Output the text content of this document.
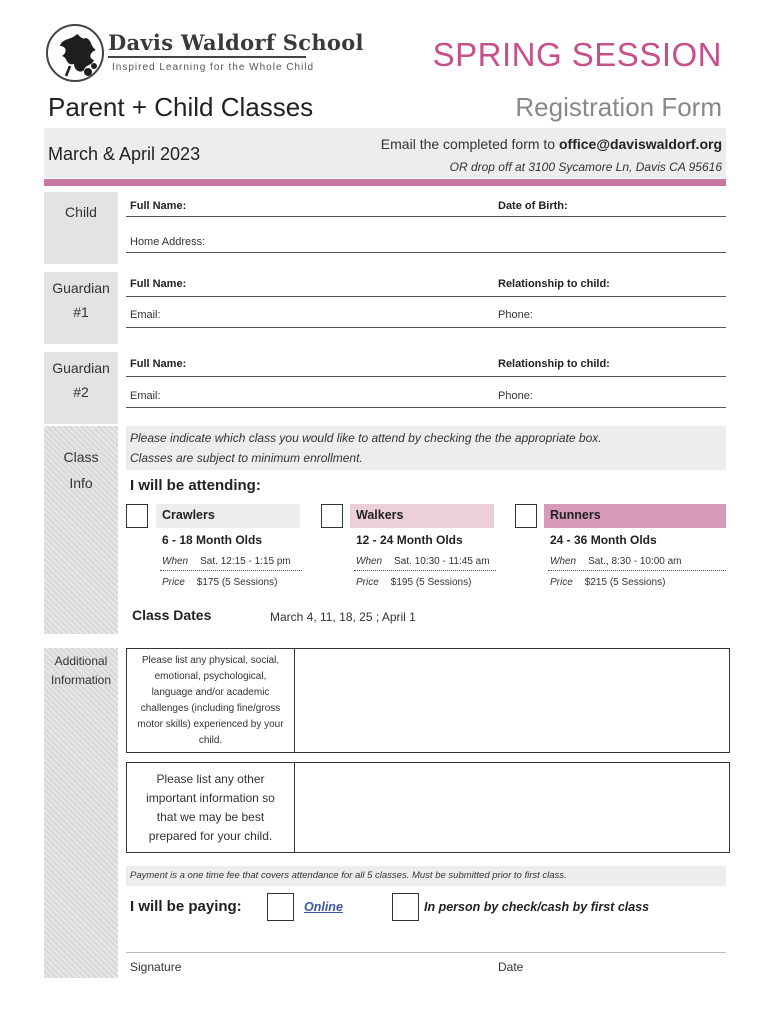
Davis Waldorf School
Inspired Learning for the Whole Child	SPRING SESSION
Parent + Child Classes	Registration Form
March & April 2023	Email the completed form to office@daviswaldorf.org
OR drop off at 3100 Sycamore Ln, Davis CA 95616
Child	Full Name:	Date of Birth:
Home Address:
Guardian
#1
Full Name:	Relationship to child:
Email:	Phone:
Guardian
#2
Full Name:	Relationship to child:
Email:	Phone:
Class
Info
Please indicate which class you would like to attend by checking the the appropriate box.
Classes are subject to minimum enrollment.
I will be attending:
Crawlers
6 - 18 Month Olds
When Sat. 12:15 - 1:15 pm
Price $175 (5 Sessions)
Walkers
12 - 24 Month Olds
When Sat. 10:30 - 11:45 am
Price $195 (5 Sessions)
Runners
24 - 36 Month Olds
When Sat., 8:30 - 10:00 am
Price $215 (5 Sessions)
Class Dates	March 4, 11, 18, 25 ; April 1
Additional
Information
Please list any physical, social, emotional, psychological, language and/or academic challenges (including fine/gross motor skills) experienced by your child.
Please list any other important information so that we may be best prepared for your child.
Payment is a one time fee that covers attendance for all 5 classes. Must be submitted prior to first class.
I will be paying:	Online	In person by check/cash by first class
Signature	Date
